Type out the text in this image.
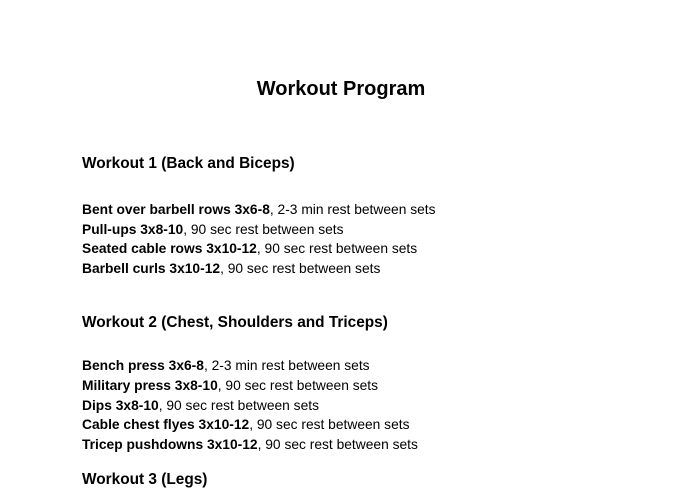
Workout Program
Workout 1 (Back and Biceps)

Bent over barbell rows 3x6-8, 2-3 min rest between sets

Pull-ups 3x8-10, 90 sec rest between sets

Seated cable rows 3x10-12, 90 sec rest between sets

Barbell curls 3x10-12, 90 sec rest between sets

Workout 2 (Chest, Shoulders and Triceps)

Bench press 3x6-8, 2-3 min rest between sets

Military press 3x8-10, 90 sec rest between sets

Dips 3x8-10, 90 sec rest between sets

Cable chest flyes 3x10-12, 90 sec rest between sets

Tricep pushdowns 3x10-12, 90 sec rest between sets

Workout 3 (Legs)
